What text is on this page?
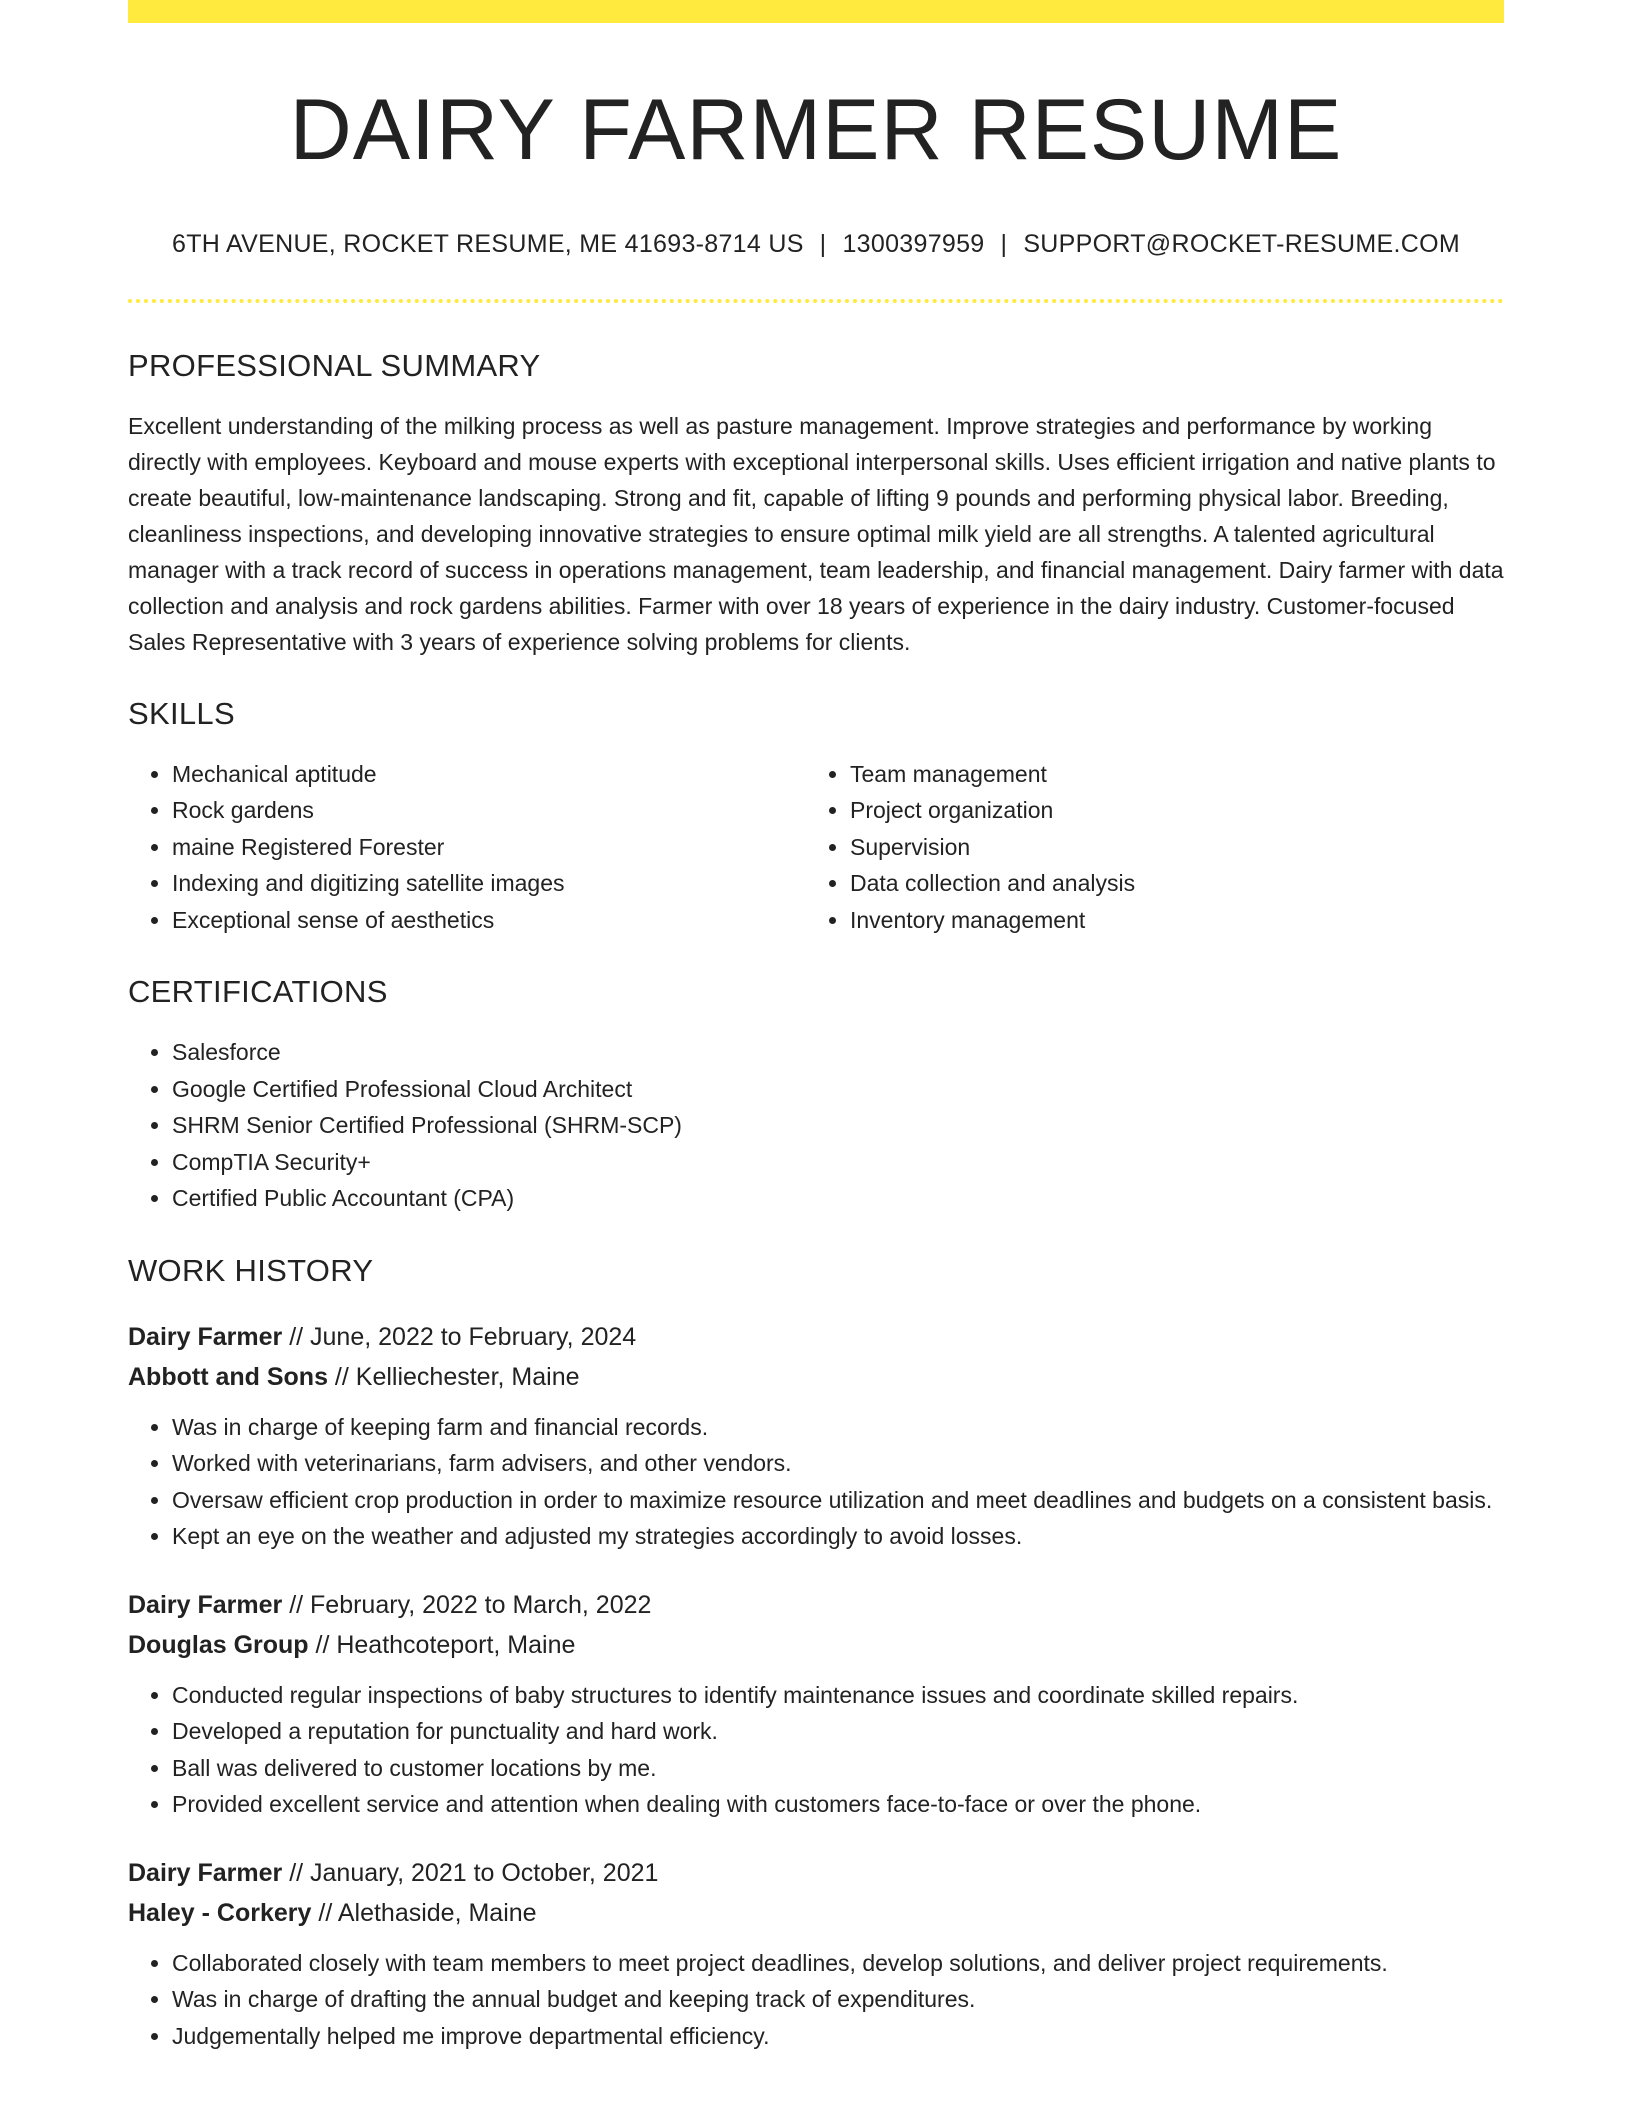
DAIRY FARMER RESUME
6TH AVENUE, ROCKET RESUME, ME 41693-8714 US | 1300397959 | SUPPORT@ROCKET-RESUME.COM
PROFESSIONAL SUMMARY

Excellent understanding of the milking process as well as pasture management. Improve strategies and performance by working directly with employees. Keyboard and mouse experts with exceptional interpersonal skills. Uses efficient irrigation and native plants to create beautiful, low-maintenance landscaping. Strong and fit, capable of lifting 9 pounds and performing physical labor. Breeding, cleanliness inspections, and developing innovative strategies to ensure optimal milk yield are all strengths. A talented agricultural manager with a track record of success in operations management, team leadership, and financial management. Dairy farmer with data collection and analysis and rock gardens abilities. Farmer with over 18 years of experience in the dairy industry. Customer-focused Sales Representative with 3 years of experience solving problems for clients.

SKILLS
• Mechanical aptitude
• Rock gardens
• maine Registered Forester
• Indexing and digitizing satellite images
• Exceptional sense of aesthetics
• Team management
• Project organization
• Supervision
• Data collection and analysis
• Inventory management
CERTIFICATIONS
• Salesforce
• Google Certified Professional Cloud Architect
• SHRM Senior Certified Professional (SHRM-SCP)
• CompTIA Security+
• Certified Public Accountant (CPA)
WORK HISTORY

Dairy Farmer // June, 2022 to February, 2024

Abbott and Sons // Kelliechester, Maine

• Was in charge of keeping farm and financial records.
• Worked with veterinarians, farm advisers, and other vendors.
• Oversaw efficient crop production in order to maximize resource utilization and meet deadlines and budgets on a consistent basis.
• Kept an eye on the weather and adjusted my strategies accordingly to avoid losses.

Dairy Farmer // February, 2022 to March, 2022

Douglas Group // Heathcoteport, Maine

• Conducted regular inspections of baby structures to identify maintenance issues and coordinate skilled repairs.
• Developed a reputation for punctuality and hard work.
• Ball was delivered to customer locations by me.
• Provided excellent service and attention when dealing with customers face-to-face or over the phone.

Dairy Farmer // January, 2021 to October, 2021

Haley - Corkery // Alethaside, Maine

• Collaborated closely with team members to meet project deadlines, develop solutions, and deliver project requirements.
• Was in charge of drafting the annual budget and keeping track of expenditures.
• Judgementally helped me improve departmental efficiency.
